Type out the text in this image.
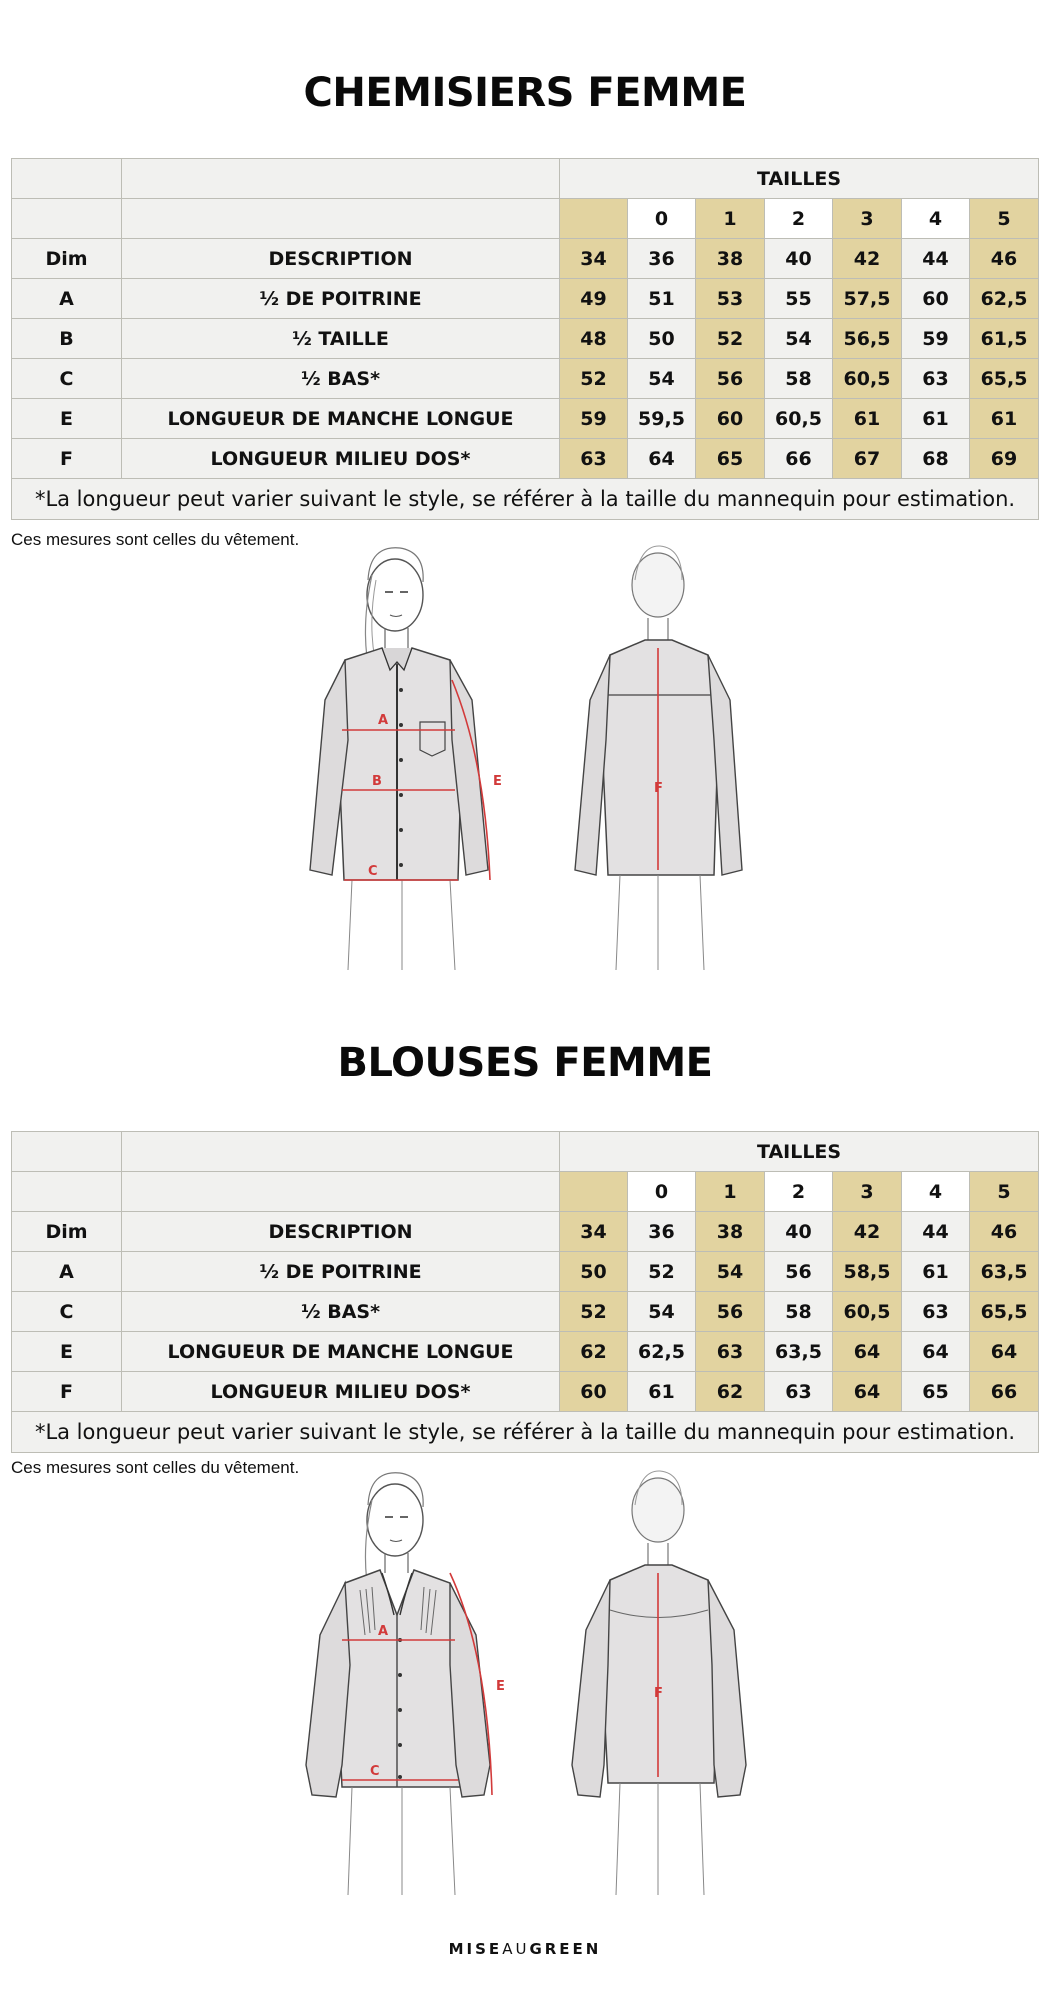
CHEMISIERS FEMME
		TAILLES						
			0	1	2	3	4	5
Dim	DESCRIPTION	34	36	38	40	42	44	46
A	½ DE POITRINE	49	51	53	55	57,5	60	62,5
B	½ TAILLE	48	50	52	54	56,5	59	61,5
C	½ BAS*	52	54	56	58	60,5	63	65,5
E	LONGUEUR DE MANCHE LONGUE	59	59,5	60	60,5	61	61	61
F	LONGUEUR MILIEU DOS*	63	64	65	66	67	68	69
*La longueur peut varier suivant le style, se référer à la taille du mannequin pour estimation.								
Ces mesures sont celles du vêtement.
A
B
C
E	F
BLOUSES FEMME
		TAILLES						
			0	1	2	3	4	5
Dim	DESCRIPTION	34	36	38	40	42	44	46
A	½ DE POITRINE	50	52	54	56	58,5	61	63,5
C	½ BAS*	52	54	56	58	60,5	63	65,5
E	LONGUEUR DE MANCHE LONGUE	62	62,5	63	63,5	64	64	64
F	LONGUEUR MILIEU DOS*	60	61	62	63	64	65	66
*La longueur peut varier suivant le style, se référer à la taille du mannequin pour estimation.								
Ces mesures sont celles du vêtement.
A
C
E	F
MISEAUGREEN
